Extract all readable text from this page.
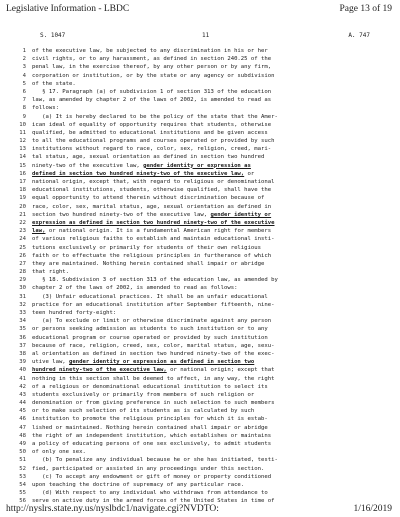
Legislative Information - LBDC	Page 13 of 19
S. 1047	11	A. 747
1 of the executive law, be subjected to any discrimination in his or her
2 civil rights, or to any harassment, as defined in section 240.25 of the
3 penal law, in the exercise thereof, by any other person or by any firm,
4 corporation or institution, or by the state or any agency or subdivision
5 of the state.
6 § 17. Paragraph (a) of subdivision 1 of section 313 of the education
7 law, as amended by chapter 2 of the laws of 2002, is amended to read as
8 follows:
9 (a) It is hereby declared to be the policy of the state that the Amer-
10 ican ideal of equality of opportunity requires that students, otherwise
11 qualified, be admitted to educational institutions and be given access
12 to all the educational programs and courses operated or provided by such
13 institutions without regard to race, color, sex, religion, creed, mari-
14 tal status, age, sexual orientation as defined in section two hundred
15 ninety-two of the executive law, gender identity or expression as
16 defined in section two hundred ninety-two of the executive law, or
17 national origin, except that, with regard to religious or denominational
18 educational institutions, students, otherwise qualified, shall have the
19 equal opportunity to attend therein without discrimination because of
20 race, color, sex, marital status, age, sexual orientation as defined in
21 section two hundred ninety-two of the executive law, gender identity or
22 expression as defined in section two hundred ninety-two of the executive
23 law, or national origin. It is a fundamental American right for members
24 of various religious faiths to establish and maintain educational insti-
25 tutions exclusively or primarily for students of their own religious
26 faith or to effectuate the religious principles in furtherance of which
27 they are maintained. Nothing herein contained shall impair or abridge
28 that right.
29 § 18. Subdivision 3 of section 313 of the education law, as amended by
30 chapter 2 of the laws of 2002, is amended to read as follows:
31 (3) Unfair educational practices. It shall be an unfair educational
32 practice for an educational institution after September fifteenth, nine-
33 teen hundred forty-eight:
34 (a) To exclude or limit or otherwise discriminate against any person
35 or persons seeking admission as students to such institution or to any
36 educational program or course operated or provided by such institution
37 because of race, religion, creed, sex, color, marital status, age, sexu-
38 al orientation as defined in section two hundred ninety-two of the exec-
39 utive law, gender identity or expression as defined in section two
40 hundred ninety-two of the executive law, or national origin; except that
41 nothing in this section shall be deemed to affect, in any way, the right
42 of a religious or denominational educational institution to select its
43 students exclusively or primarily from members of such religion or
44 denomination or from giving preference in such selection to such members
45 or to make such selection of its students as is calculated by such
46 institution to promote the religious principles for which it is estab-
47 lished or maintained. Nothing herein contained shall impair or abridge
48 the right of an independent institution, which establishes or maintains
49 a policy of educating persons of one sex exclusively, to admit students
50 of only one sex.
51 (b) To penalize any individual because he or she has initiated, testi-
52 fied, participated or assisted in any proceedings under this section.
53 (c) To accept any endowment or gift of money or property conditioned
54 upon teaching the doctrine of supremacy of any particular race.
55 (d) With respect to any individual who withdraws from attendance to
56 serve on active duty in the armed forces of the United States in time of
http://nyslrs.state.ny.us/nyslbdc1/navigate.cgi?NVDTO:	1/16/2019
